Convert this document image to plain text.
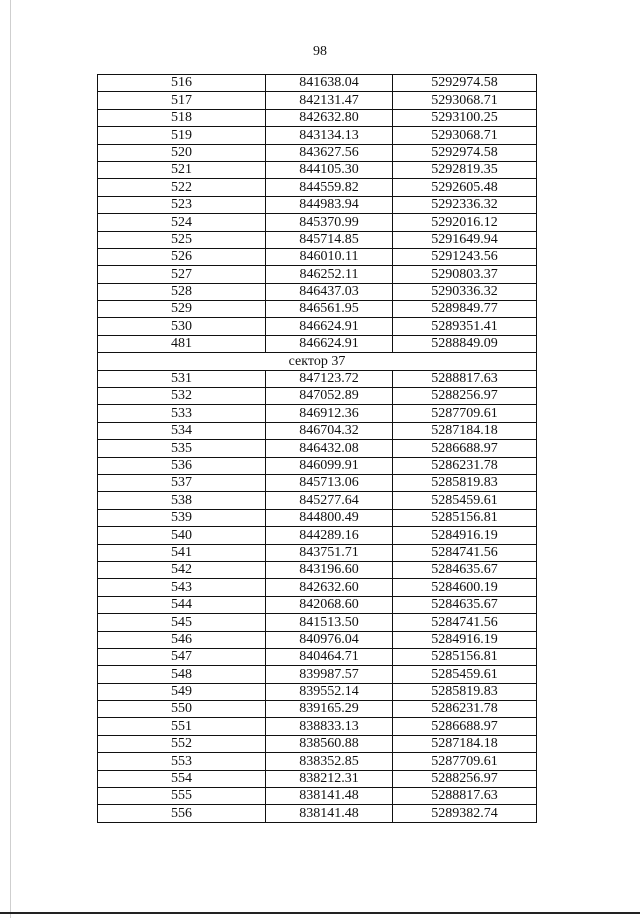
98
516	841638.04	5292974.58
517	842131.47	5293068.71
518	842632.80	5293100.25
519	843134.13	5293068.71
520	843627.56	5292974.58
521	844105.30	5292819.35
522	844559.82	5292605.48
523	844983.94	5292336.32
524	845370.99	5292016.12
525	845714.85	5291649.94
526	846010.11	5291243.56
527	846252.11	5290803.37
528	846437.03	5290336.32
529	846561.95	5289849.77
530	846624.91	5289351.41
481	846624.91	5288849.09
сектор 37		
531	847123.72	5288817.63
532	847052.89	5288256.97
533	846912.36	5287709.61
534	846704.32	5287184.18
535	846432.08	5286688.97
536	846099.91	5286231.78
537	845713.06	5285819.83
538	845277.64	5285459.61
539	844800.49	5285156.81
540	844289.16	5284916.19
541	843751.71	5284741.56
542	843196.60	5284635.67
543	842632.60	5284600.19
544	842068.60	5284635.67
545	841513.50	5284741.56
546	840976.04	5284916.19
547	840464.71	5285156.81
548	839987.57	5285459.61
549	839552.14	5285819.83
550	839165.29	5286231.78
551	838833.13	5286688.97
552	838560.88	5287184.18
553	838352.85	5287709.61
554	838212.31	5288256.97
555	838141.48	5288817.63
556	838141.48	5289382.74
